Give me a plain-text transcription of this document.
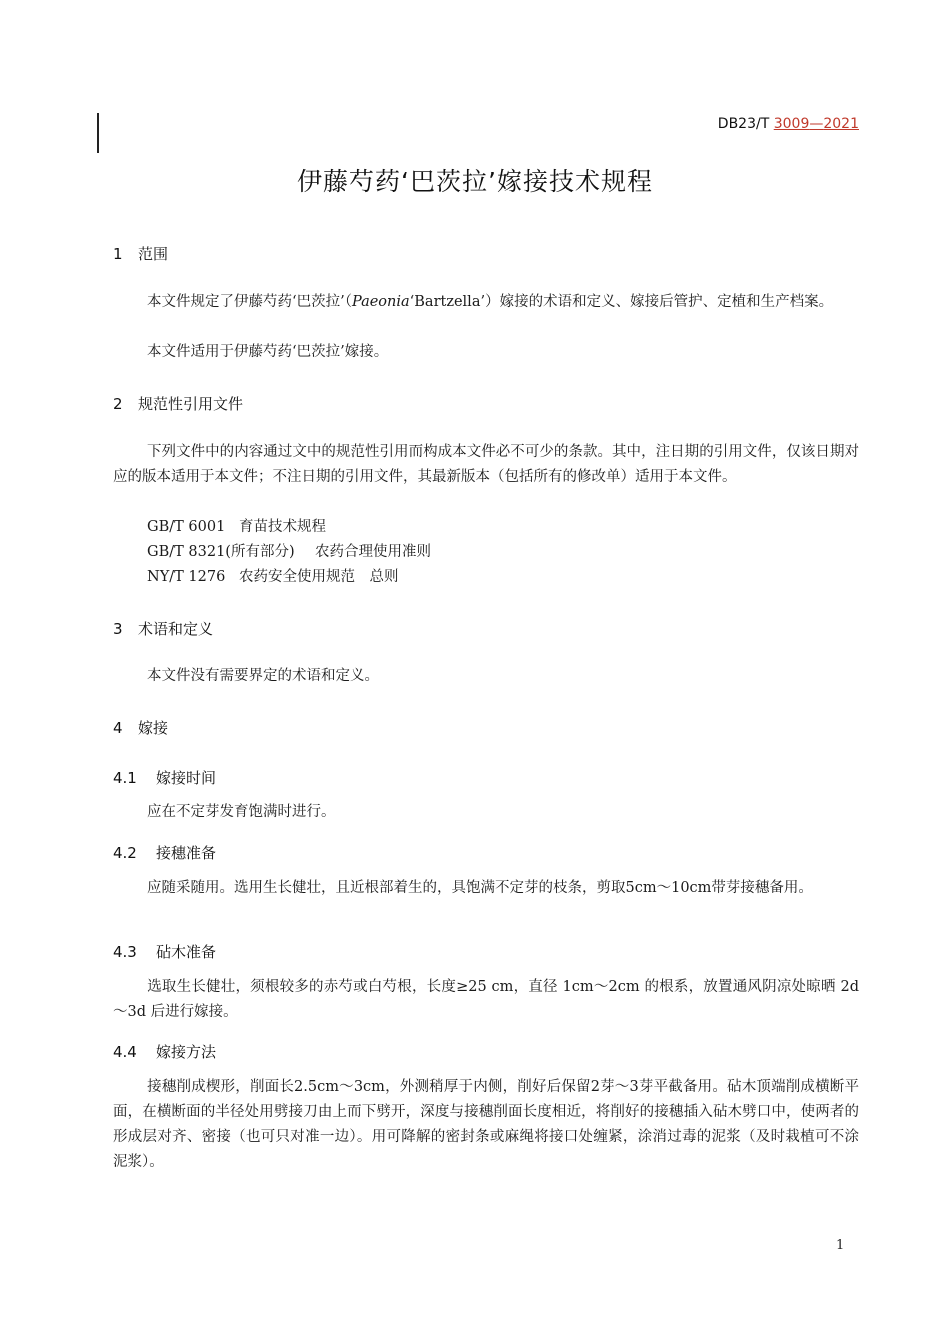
DB23/T 3009—2021
伊藤芍药‘巴茨拉’嫁接技术规程
1 范围
本文件规定了伊藤芍药‘巴茨拉’（Paeonia‘Bartzella’）嫁接的术语和定义、嫁接后管护、定植和生产档案。
本文件适用于伊藤芍药‘巴茨拉’嫁接。
2 规范性引用文件
下列文件中的内容通过文中的规范性引用而构成本文件必不可少的条款。其中，注日期的引用文件，仅该日期对应的版本适用于本文件；不注日期的引用文件，其最新版本（包括所有的修改单）适用于本文件。
GB/T 6001 育苗技术规程
GB/T 8321(所有部分) 农药合理使用准则
NY/T 1276 农药安全使用规范　总则
3 术语和定义
本文件没有需要界定的术语和定义。
4 嫁接
4.1 嫁接时间
应在不定芽发育饱满时进行。
4.2 接穗准备
应随采随用。选用生长健壮，且近根部着生的，具饱满不定芽的枝条，剪取5cm～10cm带芽接穗备用。
4.3 砧木准备
选取生长健壮，须根较多的赤芍或白芍根，长度≥25 cm，直径 1cm～2cm 的根系，放置通风阴凉处晾晒 2d～3d 后进行嫁接。
4.4 嫁接方法
接穗削成楔形，削面长2.5cm～3cm，外测稍厚于内侧，削好后保留2芽～3芽平截备用。砧木顶端削成横断平面，在横断面的半径处用劈接刀由上而下劈开，深度与接穗削面长度相近，将削好的接穗插入砧木劈口中，使两者的形成层对齐、密接（也可只对准一边）。用可降解的密封条或麻绳将接口处缠紧，涂消过毒的泥浆（及时栽植可不涂泥浆）。
1
